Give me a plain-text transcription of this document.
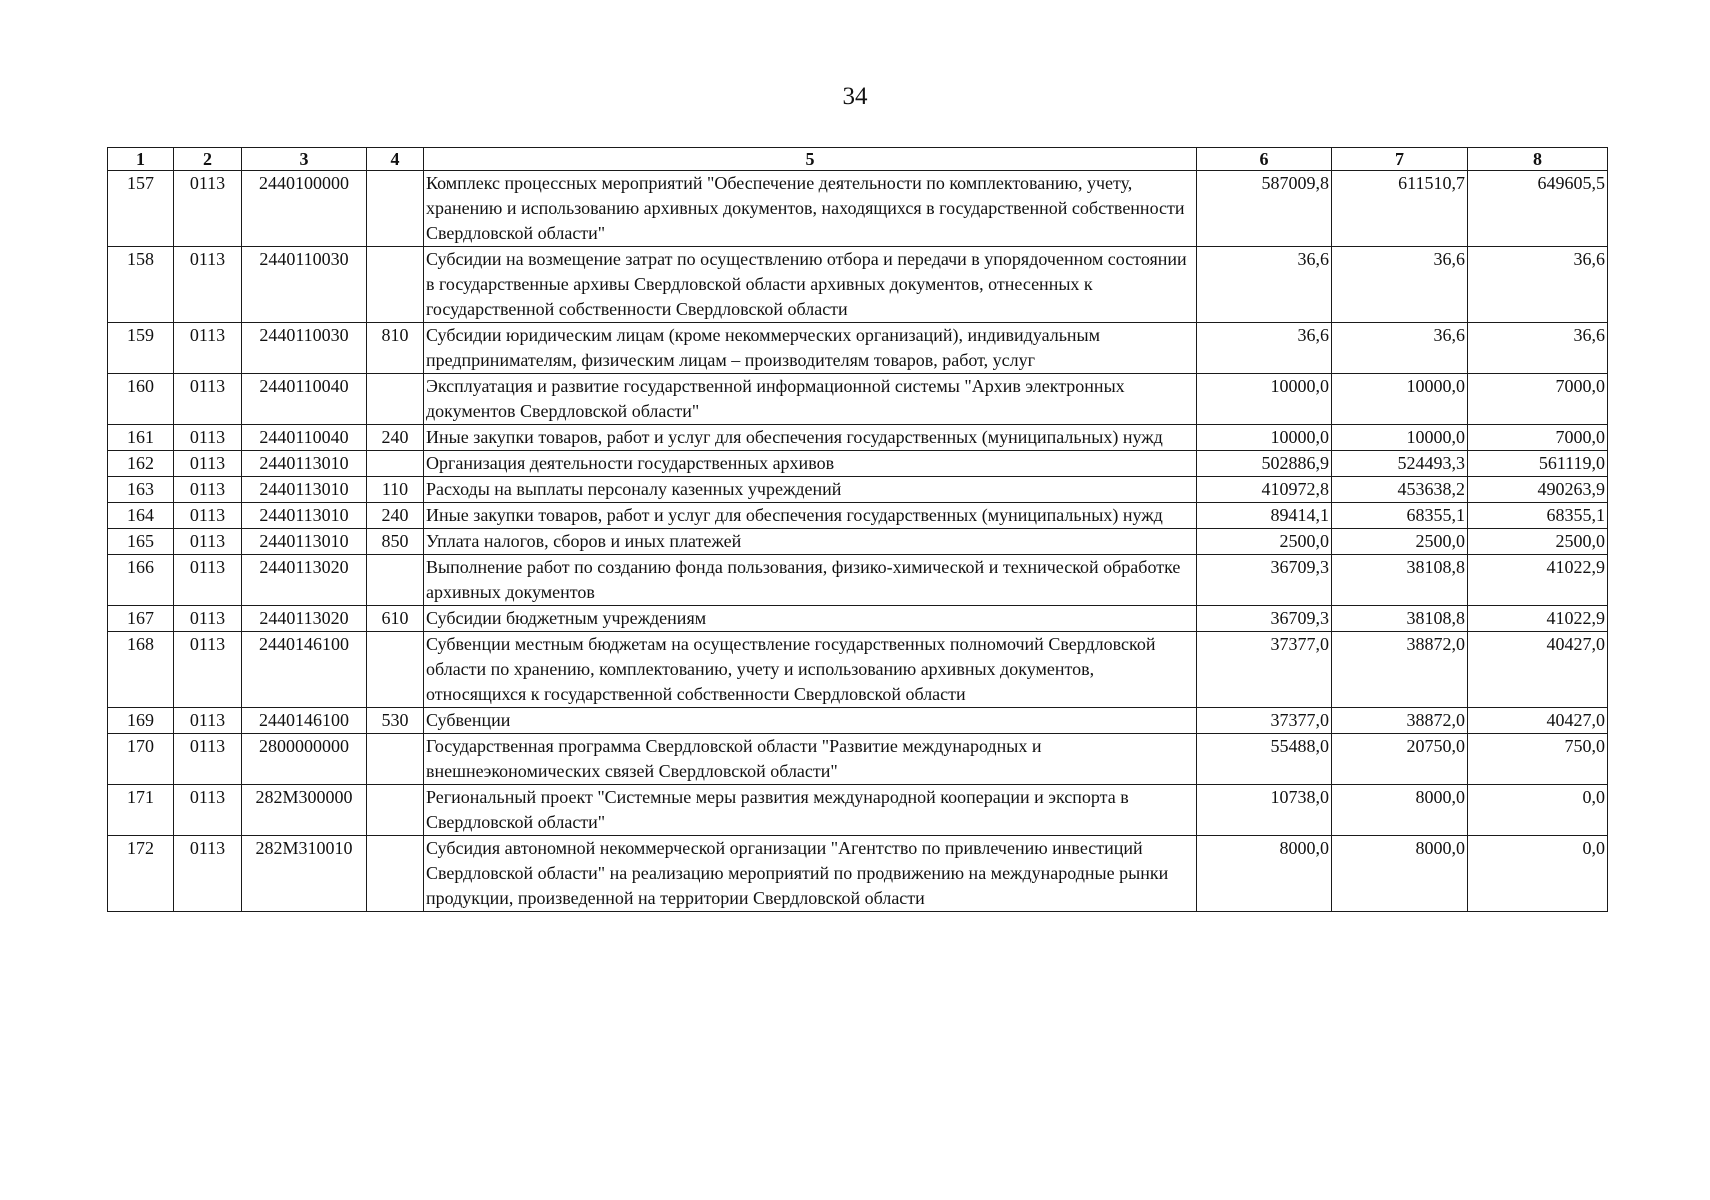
34
1	2	3	4	5	6	7	8
157	0113	2440100000		Комплекс процессных мероприятий "Обеспечение деятельности по комплектованию, учету, хранению и использованию архивных документов, находящихся в государственной собственности Свердловской области"	587009,8	611510,7	649605,5
158	0113	2440110030		Субсидии на возмещение затрат по осуществлению отбора и передачи в упорядоченном состоянии в государственные архивы Свердловской области архивных документов, отнесенных к государственной собственности Свердловской области	36,6	36,6	36,6
159	0113	2440110030	810	Субсидии юридическим лицам (кроме некоммерческих организаций), индивидуальным предпринимателям, физическим лицам – производителям товаров, работ, услуг	36,6	36,6	36,6
160	0113	2440110040		Эксплуатация и развитие государственной информационной системы "Архив электронных документов Свердловской области"	10000,0	10000,0	7000,0
161	0113	2440110040	240	Иные закупки товаров, работ и услуг для обеспечения государственных (муниципальных) нужд	10000,0	10000,0	7000,0
162	0113	2440113010		Организация деятельности государственных архивов	502886,9	524493,3	561119,0
163	0113	2440113010	110	Расходы на выплаты персоналу казенных учреждений	410972,8	453638,2	490263,9
164	0113	2440113010	240	Иные закупки товаров, работ и услуг для обеспечения государственных (муниципальных) нужд	89414,1	68355,1	68355,1
165	0113	2440113010	850	Уплата налогов, сборов и иных платежей	2500,0	2500,0	2500,0
166	0113	2440113020		Выполнение работ по созданию фонда пользования, физико-химической и технической обработке архивных документов	36709,3	38108,8	41022,9
167	0113	2440113020	610	Субсидии бюджетным учреждениям	36709,3	38108,8	41022,9
168	0113	2440146100		Субвенции местным бюджетам на осуществление государственных полномочий Свердловской области по хранению, комплектованию, учету и использованию архивных документов, относящихся к государственной собственности Свердловской области	37377,0	38872,0	40427,0
169	0113	2440146100	530	Субвенции	37377,0	38872,0	40427,0
170	0113	2800000000		Государственная программа Свердловской области "Развитие международных и внешнеэкономических связей Свердловской области"	55488,0	20750,0	750,0
171	0113	282М300000		Региональный проект "Системные меры развития международной кооперации и экспорта в Свердловской области"	10738,0	8000,0	0,0
172	0113	282М310010		Субсидия автономной некоммерческой организации "Агентство по привлечению инвестиций Свердловской области" на реализацию мероприятий по продвижению на международные рынки продукции, произведенной на территории Свердловской области	8000,0	8000,0	0,0
